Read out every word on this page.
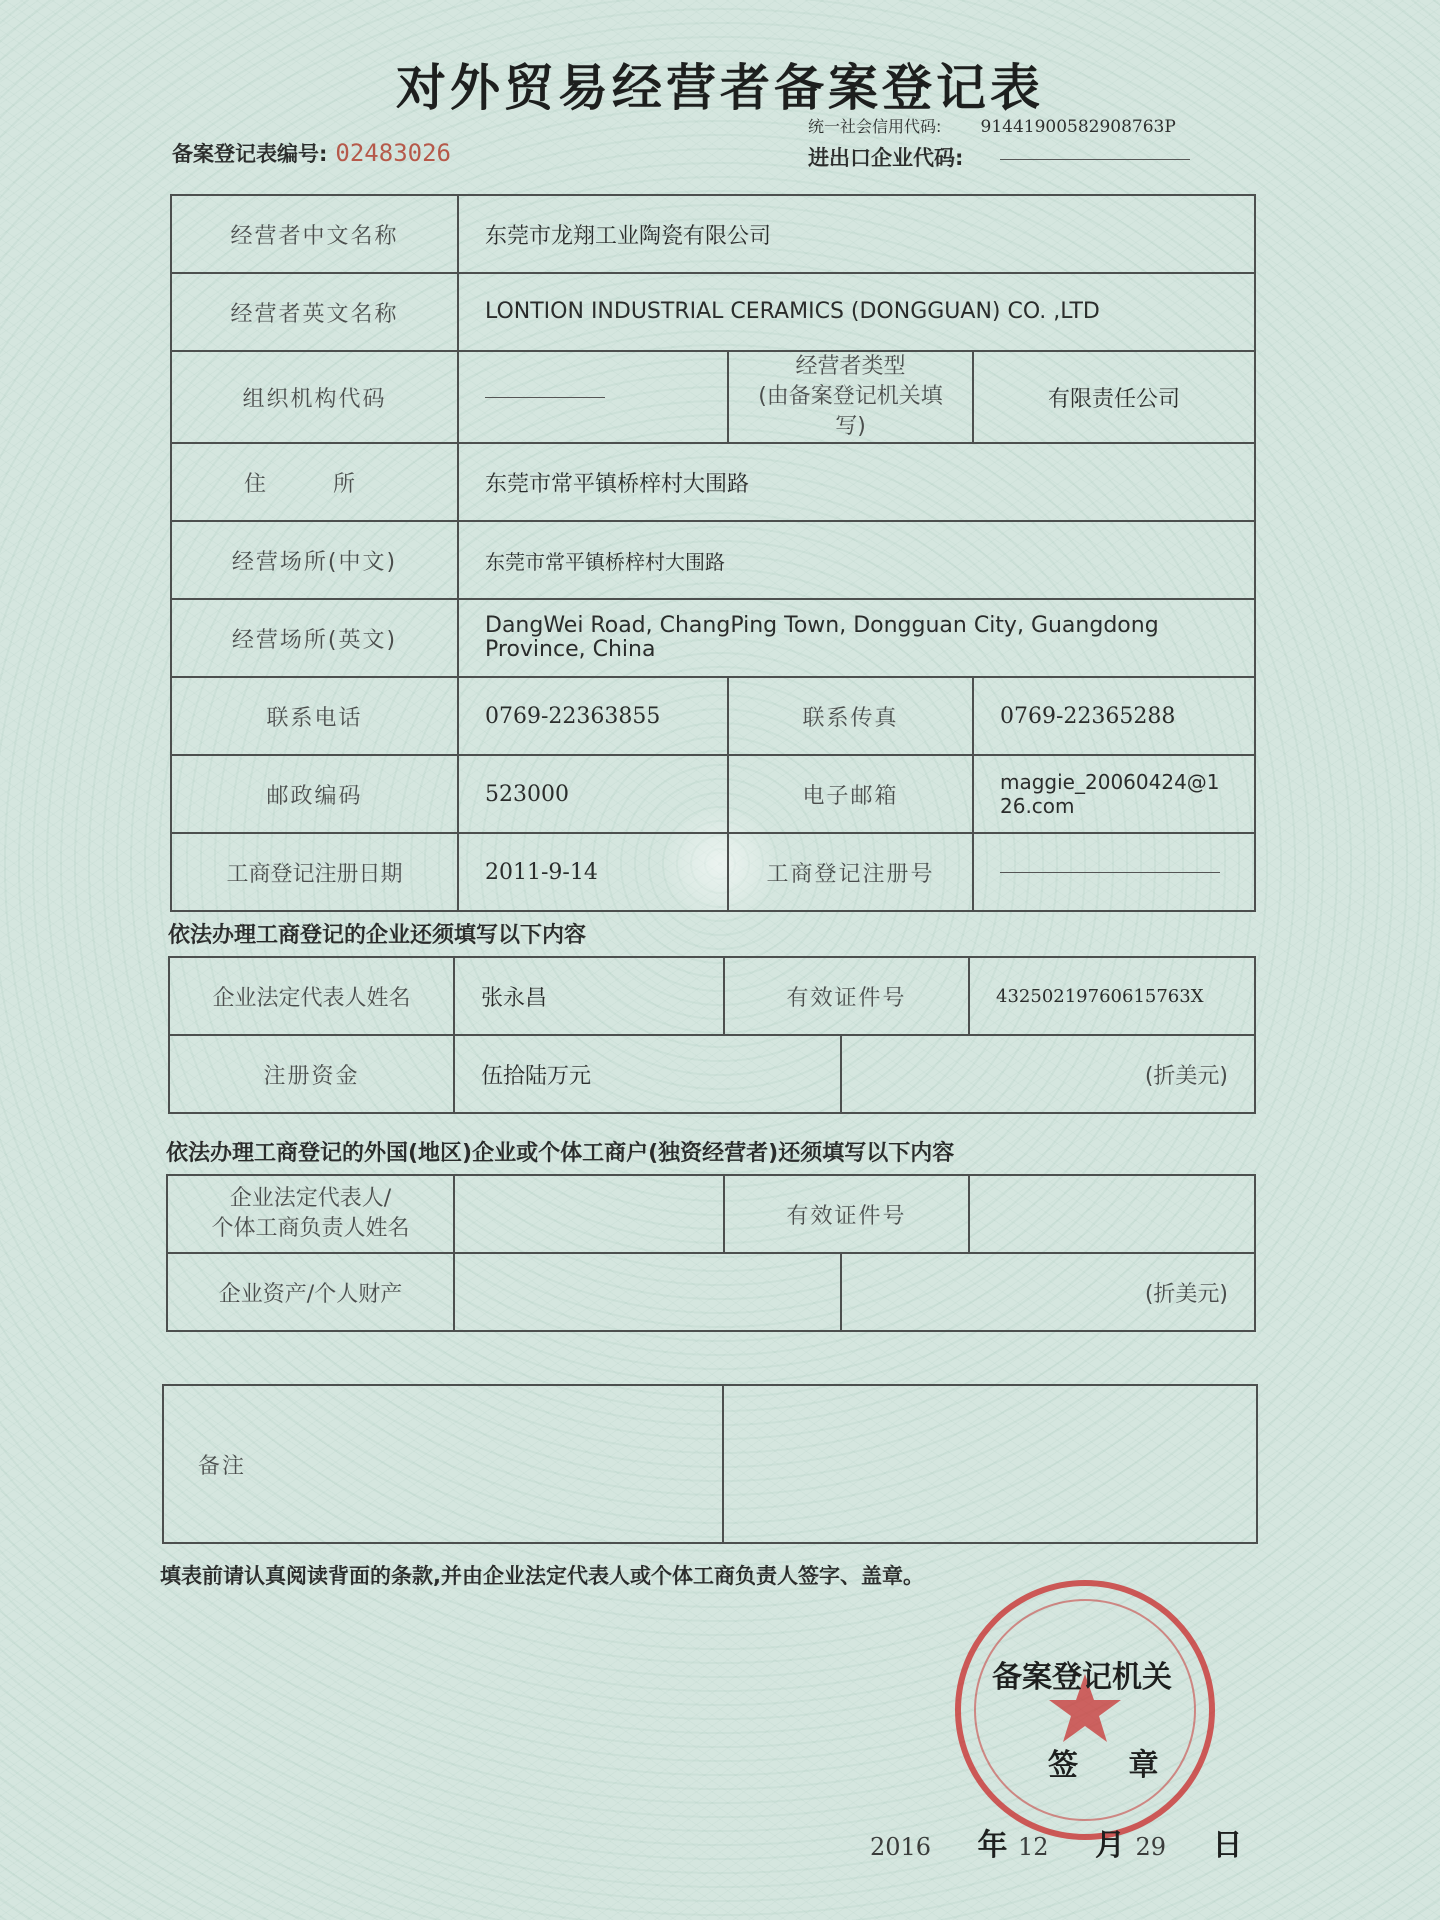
对外贸易经营者备案登记表
备案登记表编号: 02483026
统一社会信用代码: 91441900582908763P
进出口企业代码:
经营者中文名称	东莞市龙翔工业陶瓷有限公司		
经营者英文名称	LONTION INDUSTRIAL CERAMICS (DONGGUAN) CO. ,LTD		
组织机构代码		经营者类型
(由备案登记机关填写)	有限责任公司
住 所	东莞市常平镇桥梓村大围路		
经营场所(中文)	东莞市常平镇桥梓村大围路		
经营场所(英文)	DangWei Road, ChangPing Town, Dongguan City, Guangdong Province, China		
联系电话	0769-22363855	联系传真	0769-22365288
邮政编码	523000	电子邮箱	maggie_20060424@126.com
工商登记注册日期	2011-9-14	工商登记注册号	
依法办理工商登记的企业还须填写以下内容
企业法定代表人姓名	张永昌	有效证件号		43250219760615763X
注册资金	伍拾陆万元		(折美元)	
依法办理工商登记的外国(地区)企业或个体工商户(独资经营者)还须填写以下内容
企业法定代表人/
个体工商负责人姓名		有效证件号		
企业资产/个人财产			(折美元)	
备注	
填表前请认真阅读背面的条款,并由企业法定代表人或个体工商负责人签字、盖章。
备案登记机关
签 章
2016 年 12 月 29 日
